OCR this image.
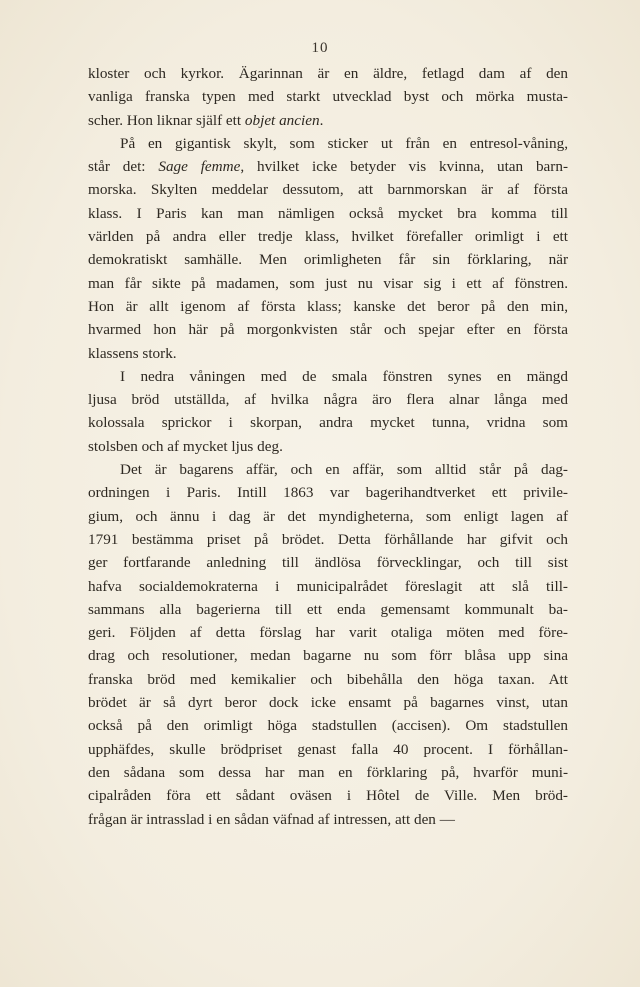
10
kloster och kyrkor. Ägarinnan är en äldre, fetlagd dam af den
vanliga franska typen med starkt utvecklad byst och mörka musta-
scher. Hon liknar själf ett objet ancien.
På en gigantisk skylt, som sticker ut från en entresol-våning,
står det: Sage femme, hvilket icke betyder vis kvinna, utan barn-
morska. Skylten meddelar dessutom, att barnmorskan är af första
klass. I Paris kan man nämligen också mycket bra komma till
världen på andra eller tredje klass, hvilket förefaller orimligt i ett
demokratiskt samhälle. Men orimligheten får sin förklaring, när
man får sikte på madamen, som just nu visar sig i ett af fönstren.
Hon är allt igenom af första klass; kanske det beror på den min,
hvarmed hon här på morgonkvisten står och spejar efter en första
klassens stork.
I nedra våningen med de smala fönstren synes en mängd
ljusa bröd utställda, af hvilka några äro flera alnar långa med
kolossala sprickor i skorpan, andra mycket tunna, vridna som
stolsben och af mycket ljus deg.
Det är bagarens affär, och en affär, som alltid står på dag-
ordningen i Paris. Intill 1863 var bagerihandtverket ett privile-
gium, och ännu i dag är det myndigheterna, som enligt lagen af
1791 bestämma priset på brödet. Detta förhållande har gifvit och
ger fortfarande anledning till ändlösa förvecklingar, och till sist
hafva socialdemokraterna i municipalrådet föreslagit att slå till-
sammans alla bagerierna till ett enda gemensamt kommunalt ba-
geri. Följden af detta förslag har varit otaliga möten med före-
drag och resolutioner, medan bagarne nu som förr blåsa upp sina
franska bröd med kemikalier och bibehålla den höga taxan. Att
brödet är så dyrt beror dock icke ensamt på bagarnes vinst, utan
också på den orimligt höga stadstullen (accisen). Om stadstullen
upphäfdes, skulle brödpriset genast falla 40 procent. I förhållan-
den sådana som dessa har man en förklaring på, hvarför muni-
cipalråden föra ett sådant oväsen i Hôtel de Ville. Men bröd-
frågan är intrasslad i en sådan väfnad af intressen, att den —
